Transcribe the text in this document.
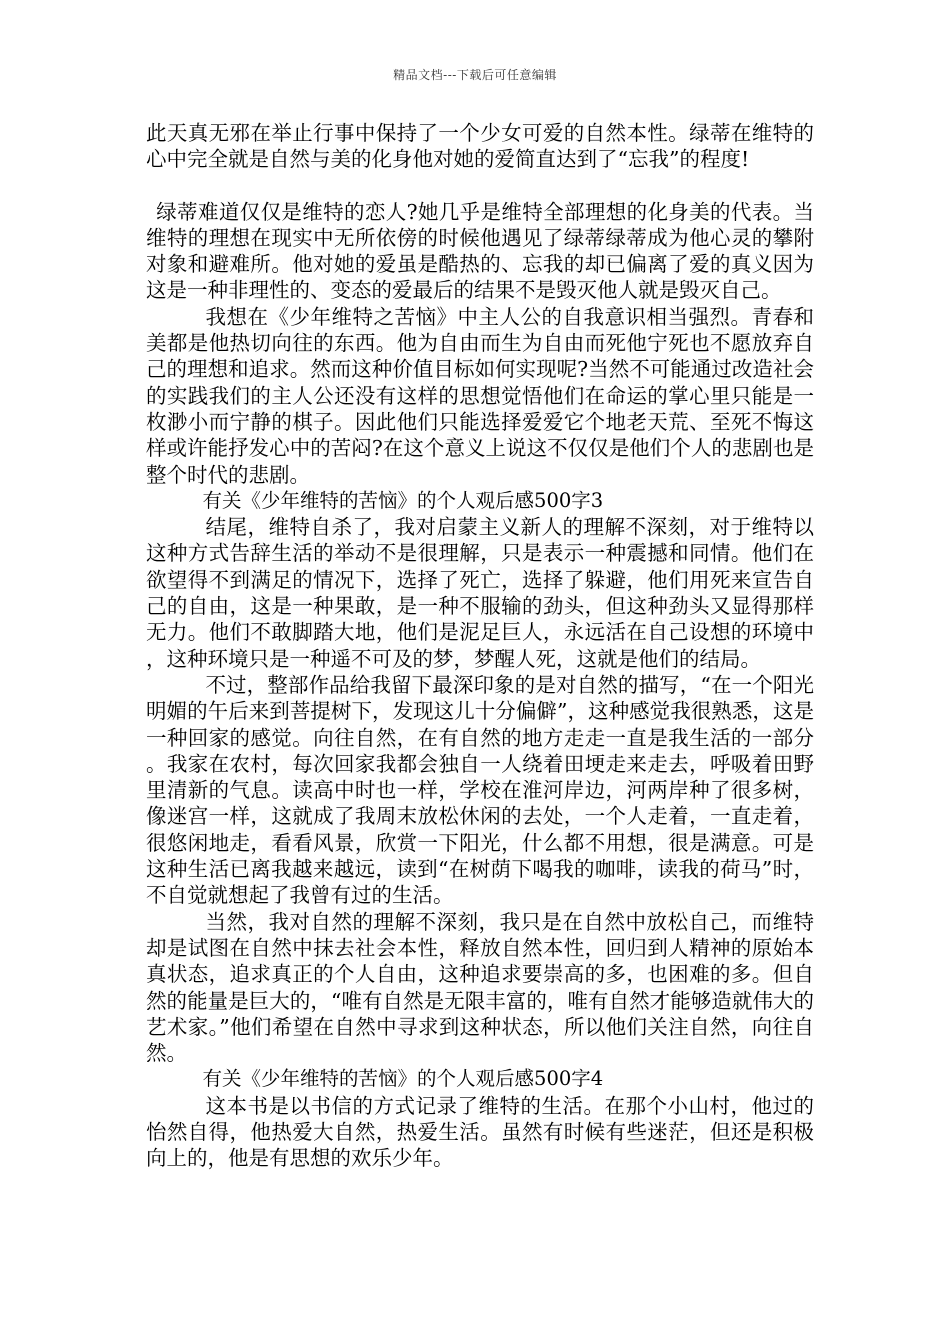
精品文档---下载后可任意编辑

此天真无邪在举止行事中保持了一个少女可爱的自然本性。绿蒂在维特的心中完全就是自然与美的化身他对她的爱简直达到了“忘我”的程度!

绿蒂难道仅仅是维特的恋人?她几乎是维特全部理想的化身美的代表。当维特的理想在现实中无所依傍的时候他遇见了绿蒂绿蒂成为他心灵的攀附对象和避难所。他对她的爱虽是酷热的、忘我的却已偏离了爱的真义因为这是一种非理性的、变态的爱最后的结果不是毁灭他人就是毁灭自己。

我想在《少年维特之苦恼》中主人公的自我意识相当强烈。青春和美都是他热切向往的东西。他为自由而生为自由而死他宁死也不愿放弃自己的理想和追求。然而这种价值目标如何实现呢?当然不可能通过改造社会的实践我们的主人公还没有这样的思想觉悟他们在命运的掌心里只能是一枚渺小而宁静的棋子。因此他们只能选择爱爱它个地老天荒、至死不悔这样或许能抒发心中的苦闷?在这个意义上说这不仅仅是他们个人的悲剧也是整个时代的悲剧。

有关《少年维特的苦恼》的个人观后感500字3

结尾，维特自杀了，我对启蒙主义新人的理解不深刻，对于维特以这种方式告辞生活的举动不是很理解，只是表示一种震撼和同情。他们在欲望得不到满足的情况下，选择了死亡，选择了躲避，他们用死来宣告自己的自由，这是一种果敢，是一种不服输的劲头，但这种劲头又显得那样无力。他们不敢脚踏大地，他们是泥足巨人，永远活在自己设想的环境中，这种环境只是一种遥不可及的梦，梦醒人死，这就是他们的结局。

不过，整部作品给我留下最深印象的是对自然的描写，“在一个阳光明媚的午后来到菩提树下，发现这儿十分偏僻”，这种感觉我很熟悉，这是一种回家的感觉。向往自然，在有自然的地方走走一直是我生活的一部分。我家在农村，每次回家我都会独自一人绕着田埂走来走去，呼吸着田野里清新的气息。读高中时也一样，学校在淮河岸边，河两岸种了很多树，像迷宫一样，这就成了我周末放松休闲的去处，一个人走着，一直走着，很悠闲地走，看看风景，欣赏一下阳光，什么都不用想，很是满意。可是这种生活已离我越来越远，读到“在树荫下喝我的咖啡，读我的荷马”时，不自觉就想起了我曾有过的生活。

当然，我对自然的理解不深刻，我只是在自然中放松自己，而维特却是试图在自然中抹去社会本性，释放自然本性，回归到人精神的原始本真状态，追求真正的个人自由，这种追求要崇高的多，也困难的多。但自然的能量是巨大的，“唯有自然是无限丰富的，唯有自然才能够造就伟大的艺术家。”他们希望在自然中寻求到这种状态，所以他们关注自然，向往自然。

有关《少年维特的苦恼》的个人观后感500字4

这本书是以书信的方式记录了维特的生活。在那个小山村，他过的怡然自得，他热爱大自然，热爱生活。虽然有时候有些迷茫，但还是积极向上的，他是有思想的欢乐少年。
